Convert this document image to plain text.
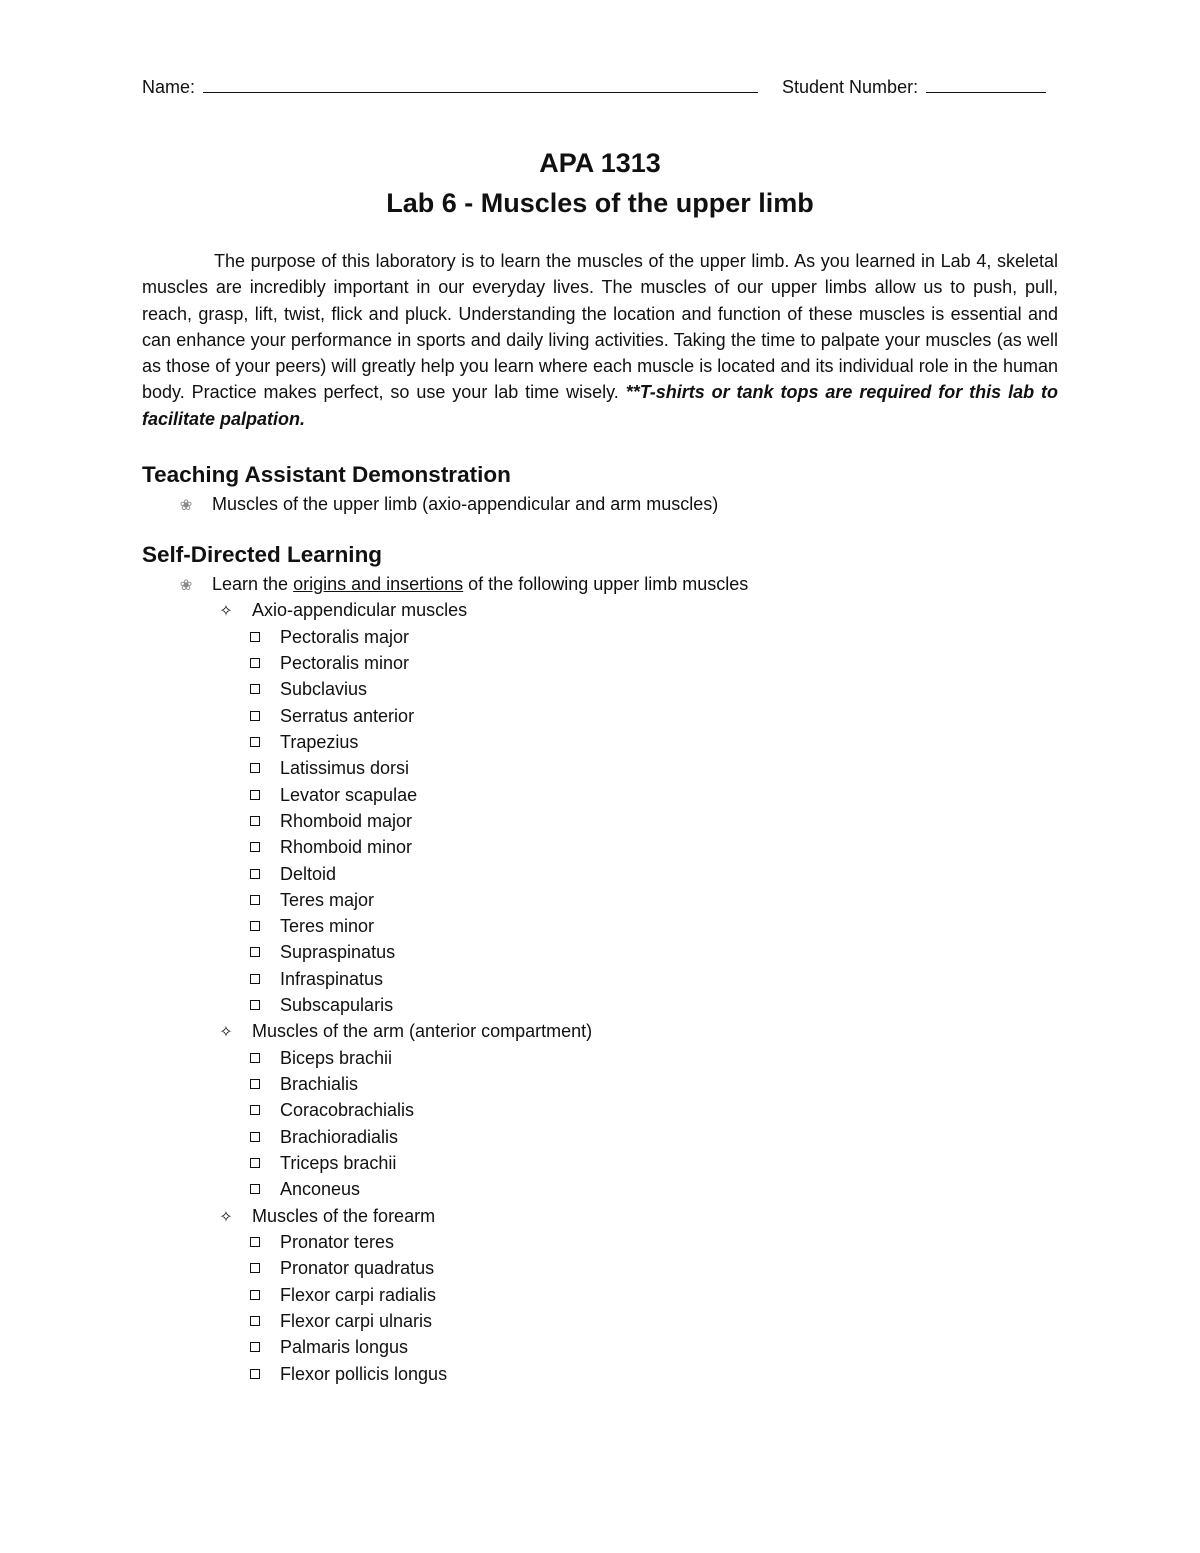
Name:	Student Number:

APA 1313

Lab 6 - Muscles of the upper limb

The purpose of this laboratory is to learn the muscles of the upper limb. As you learned in Lab 4, skeletal muscles are incredibly important in our everyday lives. The muscles of our upper limbs allow us to push, pull, reach, grasp, lift, twist, flick and pluck. Understanding the location and function of these muscles is essential and can enhance your performance in sports and daily living activities. Taking the time to palpate your muscles (as well as those of your peers) will greatly help you learn where each muscle is located and its individual role in the human body. Practice makes perfect, so use your lab time wisely. **T-shirts or tank tops are required for this lab to facilitate palpation.

Teaching Assistant Demonstration
❀ Muscles of the upper limb (axio-appendicular and arm muscles)
Self-Directed Learning
❀ Learn the origins and insertions of the following upper limb muscles
✧ Axio-appendicular muscles
Pectoralis major
Pectoralis minor
Subclavius
Serratus anterior
Trapezius
Latissimus dorsi
Levator scapulae
Rhomboid major
Rhomboid minor
Deltoid
Teres major
Teres minor
Supraspinatus
Infraspinatus
Subscapularis
✧ Muscles of the arm (anterior compartment)
Biceps brachii
Brachialis
Coracobrachialis
Brachioradialis
Triceps brachii
Anconeus
✧ Muscles of the forearm
Pronator teres
Pronator quadratus
Flexor carpi radialis
Flexor carpi ulnaris
Palmaris longus
Flexor pollicis longus
